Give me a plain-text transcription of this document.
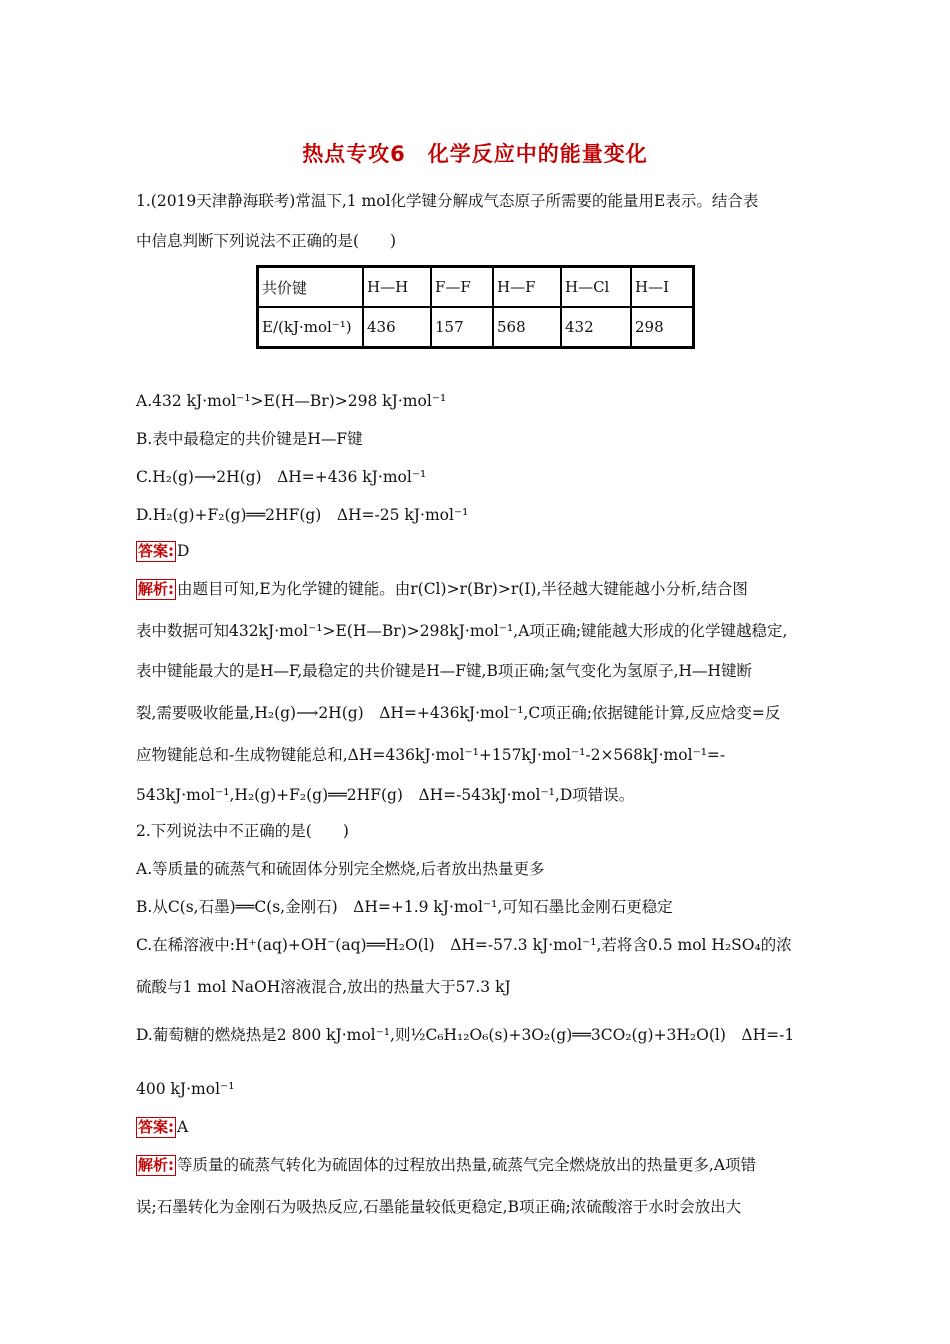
热点专攻6　化学反应中的能量变化
1.(2019天津静海联考)常温下,1 mol化学键分解成气态原子所需要的能量用E表示。结合表
中信息判断下列说法不正确的是(　　)
共价键	H—H	F—F	H—F	H—Cl	H—I
E/(kJ·mol⁻¹)	436	157	568	432	298
A.432 kJ·mol⁻¹>E(H—Br)>298 kJ·mol⁻¹
B.表中最稳定的共价键是H—F键
C.H₂(g)⟶2H(g)　ΔH=+436 kJ·mol⁻¹
D.H₂(g)+F₂(g)══2HF(g)　ΔH=-25 kJ·mol⁻¹
答案: D
解析: 由题目可知,E为化学键的键能。由r(Cl)>r(Br)>r(I),半径越大键能越小分析,结合图
表中数据可知432kJ·mol⁻¹>E(H—Br)>298kJ·mol⁻¹,A项正确;键能越大形成的化学键越稳定,
表中键能最大的是H—F,最稳定的共价键是H—F键,B项正确;氢气变化为氢原子,H—H键断
裂,需要吸收能量,H₂(g)⟶2H(g)　ΔH=+436kJ·mol⁻¹,C项正确;依据键能计算,反应焓变=反
应物键能总和-生成物键能总和,ΔH=436kJ·mol⁻¹+157kJ·mol⁻¹-2×568kJ·mol⁻¹=-
543kJ·mol⁻¹,H₂(g)+F₂(g)══2HF(g)　ΔH=-543kJ·mol⁻¹,D项错误。
2.下列说法中不正确的是(　　)
A.等质量的硫蒸气和硫固体分别完全燃烧,后者放出热量更多
B.从C(s,石墨)══C(s,金刚石)　ΔH=+1.9 kJ·mol⁻¹,可知石墨比金刚石更稳定
C.在稀溶液中:H⁺(aq)+OH⁻(aq)══H₂O(l)　ΔH=-57.3 kJ·mol⁻¹,若将含0.5 mol H₂SO₄的浓
硫酸与1 mol NaOH溶液混合,放出的热量大于57.3 kJ
D.葡萄糖的燃烧热是2 800 kJ·mol⁻¹,则½C₆H₁₂O₆(s)+3O₂(g)══3CO₂(g)+3H₂O(l)　ΔH=-1
400 kJ·mol⁻¹
答案: A
解析: 等质量的硫蒸气转化为硫固体的过程放出热量,硫蒸气完全燃烧放出的热量更多,A项错
误;石墨转化为金刚石为吸热反应,石墨能量较低更稳定,B项正确;浓硫酸溶于水时会放出大
